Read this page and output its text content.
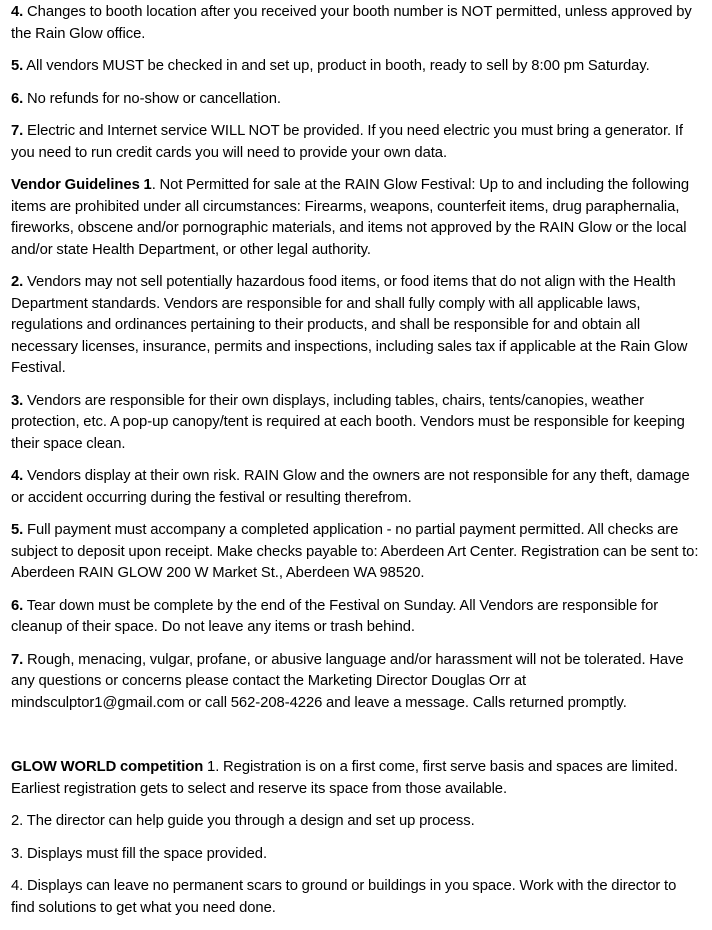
4. Changes to booth location after you received your booth number is NOT permitted, unless approved by the Rain Glow office.

5. All vendors MUST be checked in and set up, product in booth, ready to sell by 8:00 pm Saturday.

6. No refunds for no-show or cancellation.

7. Electric and Internet service WILL NOT be provided. If you need electric you must bring a generator. If you need to run credit cards you will need to provide your own data.

Vendor Guidelines 1. Not Permitted for sale at the RAIN Glow Festival: Up to and including the following items are prohibited under all circumstances: Firearms, weapons, counterfeit items, drug paraphernalia, fireworks, obscene and/or pornographic materials, and items not approved by the RAIN Glow or the local and/or state Health Department, or other legal authority.

2. Vendors may not sell potentially hazardous food items, or food items that do not align with the Health Department standards. Vendors are responsible for and shall fully comply with all applicable laws, regulations and ordinances pertaining to their products, and shall be responsible for and obtain all necessary licenses, insurance, permits and inspections, including sales tax if applicable at the Rain Glow Festival.

3. Vendors are responsible for their own displays, including tables, chairs, tents/canopies, weather protection, etc. A pop-up canopy/tent is required at each booth. Vendors must be responsible for keeping their space clean.

4. Vendors display at their own risk. RAIN Glow and the owners are not responsible for any theft, damage or accident occurring during the festival or resulting therefrom.

5. Full payment must accompany a completed application - no partial payment permitted. All checks are subject to deposit upon receipt. Make checks payable to: Aberdeen Art Center. Registration can be sent to: Aberdeen RAIN GLOW 200 W Market St., Aberdeen WA 98520.

6. Tear down must be complete by the end of the Festival on Sunday. All Vendors are responsible for cleanup of their space. Do not leave any items or trash behind.

7. Rough, menacing, vulgar, profane, or abusive language and/or harassment will not be tolerated. Have any questions or concerns please contact the Marketing Director Douglas Orr at mindsculptor1@gmail.com or call 562-208-4226 and leave a message. Calls returned promptly.

GLOW WORLD competition 1. Registration is on a first come, first serve basis and spaces are limited. Earliest registration gets to select and reserve its space from those available.

2. The director can help guide you through a design and set up process.

3. Displays must fill the space provided.

4. Displays can leave no permanent scars to ground or buildings in you space. Work with the director to find solutions to get what you need done.
